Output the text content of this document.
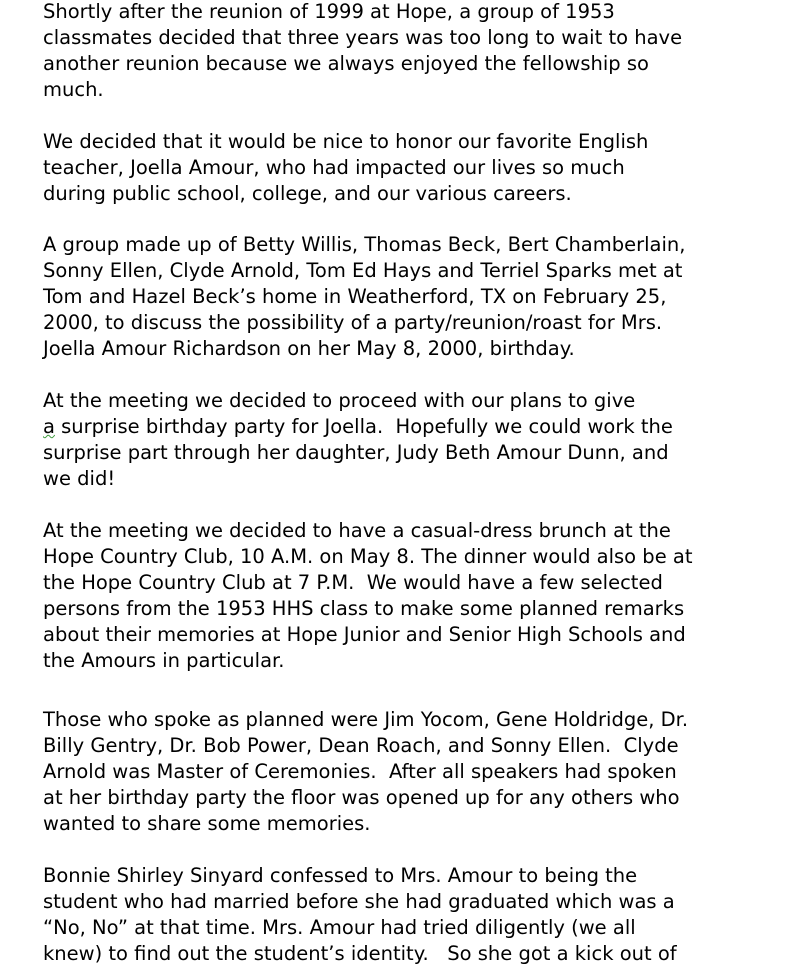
Shortly after the reunion of 1999 at Hope, a group of 1953
classmates decided that three years was too long to wait to have
another reunion because we always enjoyed the fellowship so
much.
We decided that it would be nice to honor our favorite English
teacher, Joella Amour, who had impacted our lives so much
during public school, college, and our various careers.
A group made up of Betty Willis, Thomas Beck, Bert Chamberlain,
Sonny Ellen, Clyde Arnold, Tom Ed Hays and Terriel Sparks met at
Tom and Hazel Beck’s home in Weatherford, TX on February 25,
2000, to discuss the possibility of a party/reunion/roast for Mrs.
Joella Amour Richardson on her May 8, 2000, birthday.
At the meeting we decided to proceed with our plans to give
a surprise birthday party for Joella.  Hopefully we could work the
surprise part through her daughter, Judy Beth Amour Dunn, and
we did!
At the meeting we decided to have a casual-dress brunch at the
Hope Country Club, 10 A.M. on May 8. The dinner would also be at
the Hope Country Club at 7 P.M.  We would have a few selected
persons from the 1953 HHS class to make some planned remarks
about their memories at Hope Junior and Senior High Schools and
the Amours in particular.
Those who spoke as planned were Jim Yocom, Gene Holdridge, Dr.
Billy Gentry, Dr. Bob Power, Dean Roach, and Sonny Ellen.  Clyde
Arnold was Master of Ceremonies.  After all speakers had spoken
at her birthday party the floor was opened up for any others who
wanted to share some memories.
Bonnie Shirley Sinyard confessed to Mrs. Amour to being the
student who had married before she had graduated which was a
“No, No” at that time. Mrs. Amour had tried diligently (we all
knew) to find out the student’s identity.   So she got a kick out of
